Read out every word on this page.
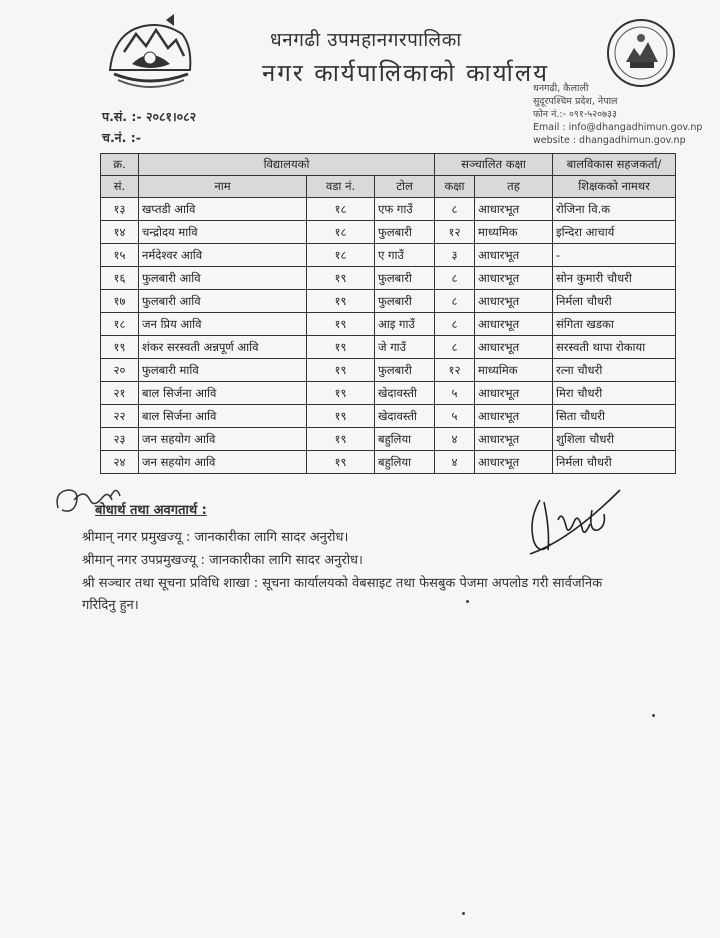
धनगढी उपमहानगरपालिका
नगर कार्यपालिकाको कार्यालय
धनगढी, कैलाली
सुदूरपश्चिम प्रदेश, नेपाल
फोन नं.:- ०९१-५२०७३३
Email : info@dhangadhimun.gov.np
website : dhangadhimun.gov.np
प.सं. :- २०८१।०८२
च.नं. :-
क्र.	विद्यालयको			सञ्चालित कक्षा		बालविकास सहजकर्ता/
सं.	नाम	वडा नं.	टोल	कक्षा	तह	शिक्षकको नामथर
१३	खप्तडी आवि	१८	एफ गाउँ	८	आधारभूत	रोजिना वि.क
१४	चन्द्रोदय मावि	१८	फुलबारी	१२	माध्यमिक	इन्दिरा आचार्य
१५	नर्मदेश्वर आवि	१८	ए गाउँ	३	आधारभूत	-
१६	फुलबारी आवि	१९	फुलबारी	८	आधारभूत	सोन कुमारी चौधरी
१७	फुलबारी आवि	१९	फुलबारी	८	आधारभूत	निर्मला चौधरी
१८	जन प्रिय आवि	१९	आइ गाउँ	८	आधारभूत	संगिता खडका
१९	शंकर सरस्वती अन्नपूर्ण आवि	१९	जे गाउँ	८	आधारभूत	सरस्वती थापा रोकाया
२०	फुलबारी मावि	१९	फुलबारी	१२	माध्यमिक	रत्ना चौधरी
२१	बाल सिर्जना आवि	१९	खेदावस्ती	५	आधारभूत	मिरा चौधरी
२२	बाल सिर्जना आवि	१९	खेदावस्ती	५	आधारभूत	सिता चौधरी
२३	जन सहयोग आवि	१९	बहुलिया	४	आधारभूत	शुशिला चौधरी
२४	जन सहयोग आवि	१९	बहुलिया	४	आधारभूत	निर्मला चौधरी
बोधार्थ तथा अवगतार्थ :
श्रीमान् नगर प्रमुखज्यू : जानकारीका लागि सादर अनुरोध।
श्रीमान् नगर उपप्रमुखज्यू : जानकारीका लागि सादर अनुरोध।
श्री सञ्चार तथा सूचना प्रविधि शाखा : सूचना कार्यालयको वेबसाइट तथा फेसबुक पेजमा अपलोड गरी सार्वजनिक
गरिदिनु हुन।
